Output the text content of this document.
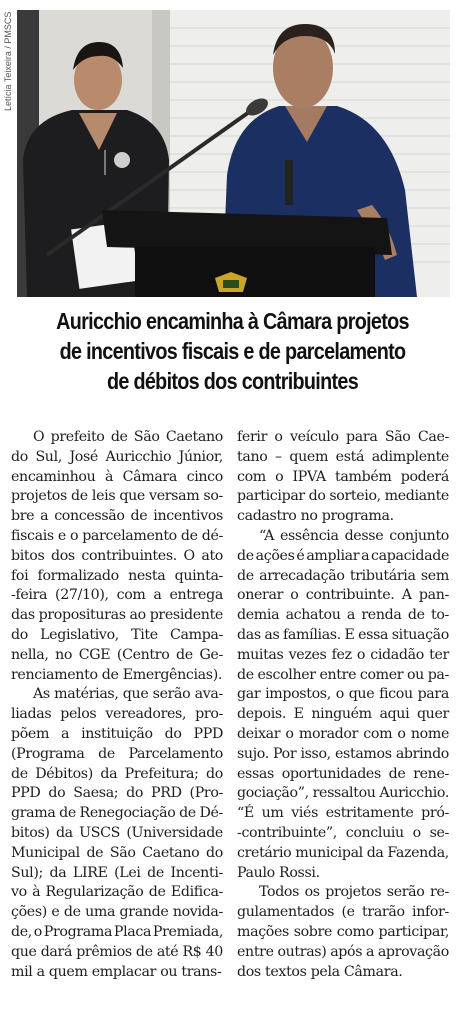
Letícia Teixeira / PMSCS
Auricchio encaminha à Câmara projetos
de incentivos fiscais e de parcelamento
de débitos dos contribuintes
O prefeito de São Caetano
do Sul, José Auricchio Júnior,
encaminhou à Câmara cinco
projetos de leis que versam so-
bre a concessão de incentivos
fiscais e o parcelamento de dé-
bitos dos contribuintes. O ato
foi formalizado nesta quinta-
-feira (27/10), com a entrega
das proposituras ao presidente
do Legislativo, Tite Campa-
nella, no CGE (Centro de Ge-
renciamento de Emergências).
As matérias, que serão ava-
liadas pelos vereadores, pro-
põem a instituição do PPD
(Programa de Parcelamento
de Débitos) da Prefeitura; do
PPD do Saesa; do PRD (Pro-
grama de Renegociação de Dé-
bitos) da USCS (Universidade
Municipal de São Caetano do
Sul); da LIRE (Lei de Incenti-
vo à Regularização de Edifica-
ções) e de uma grande novida-
de, o Programa Placa Premiada,
que dará prêmios de até R$ 40
mil a quem emplacar ou trans-
ferir o veículo para São Cae-
tano – quem está adimplente
com o IPVA também poderá
participar do sorteio, mediante
cadastro no programa.
“A essência desse conjunto
de ações é ampliar a capacidade
de arrecadação tributária sem
onerar o contribuinte. A pan-
demia achatou a renda de to-
das as famílias. E essa situação
muitas vezes fez o cidadão ter
de escolher entre comer ou pa-
gar impostos, o que ficou para
depois. E ninguém aqui quer
deixar o morador com o nome
sujo. Por isso, estamos abrindo
essas oportunidades de rene-
gociação”, ressaltou Auricchio.
“É um viés estritamente pró-
-contribuinte”, concluiu o se-
cretário municipal da Fazenda,
Paulo Rossi.
Todos os projetos serão re-
gulamentados (e trarão infor-
mações sobre como participar,
entre outras) após a aprovação
dos textos pela Câmara.
